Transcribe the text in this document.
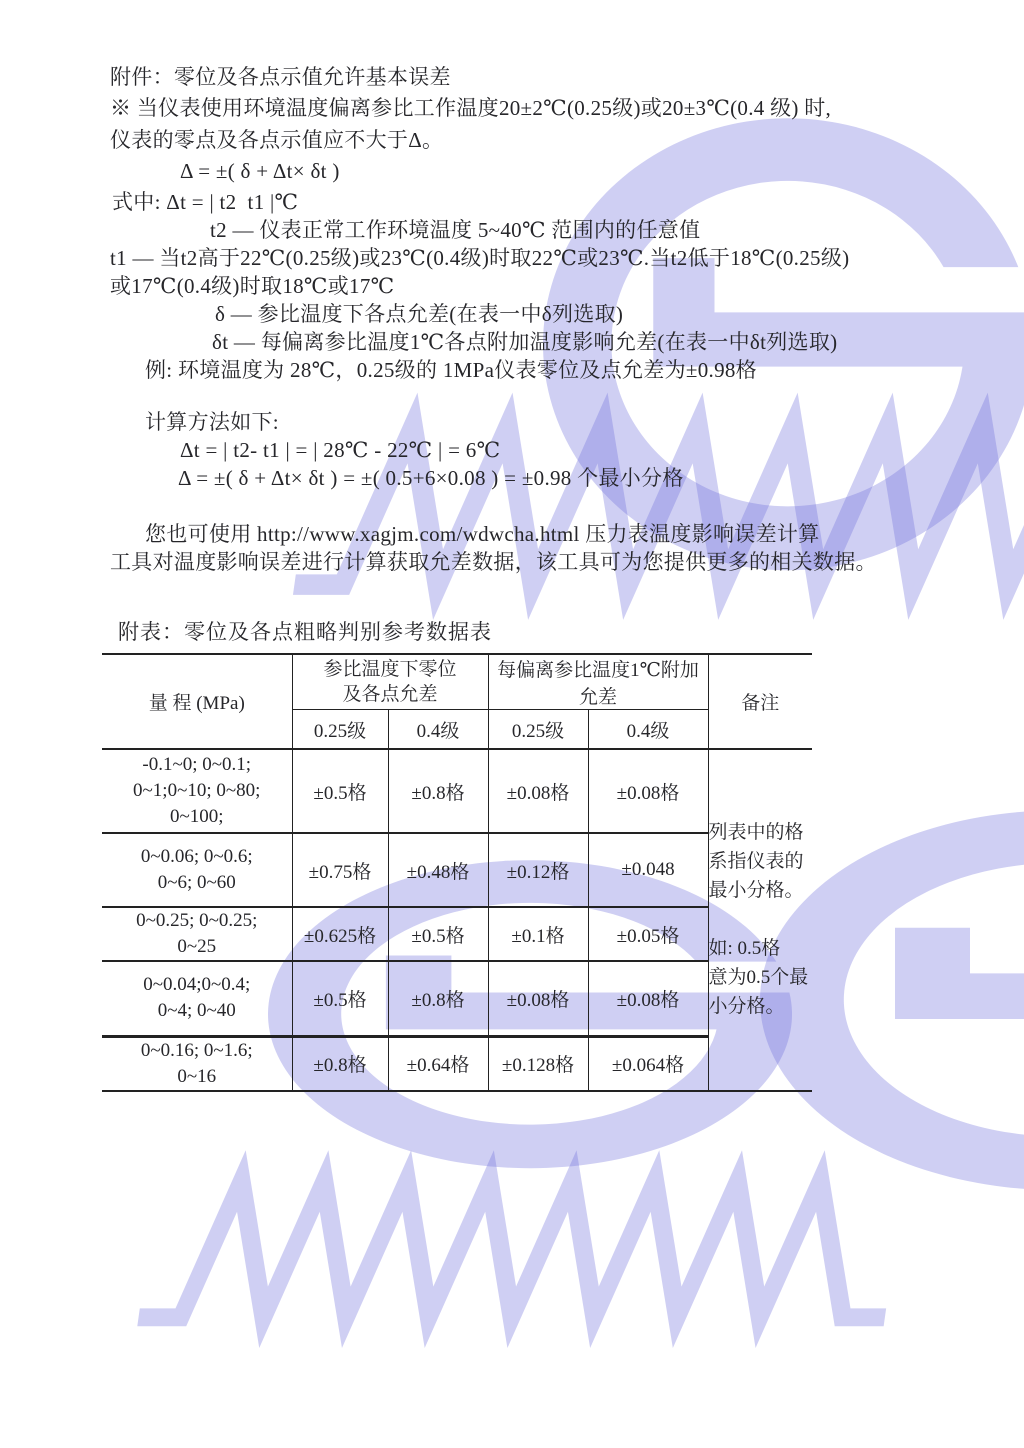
附件：零位及各点示值允许基本误差
※ 当仪表使用环境温度偏离参比工作温度20±2℃(0.25级)或20±3℃(0.4 级) 时,
仪表的零点及各点示值应不大于Δ。
Δ = ±( δ + Δt× δt )
式中: Δt = | t2  t1 |℃
t2 — 仪表正常工作环境温度 5~40℃ 范围内的任意值
t1 — 当t2高于22℃(0.25级)或23℃(0.4级)时取22℃或23℃.当t2低于18℃(0.25级)
或17℃(0.4级)时取18℃或17℃
δ — 参比温度下各点允差(在表一中δ列选取)
δt — 每偏离参比温度1℃各点附加温度影响允差(在表一中δt列选取)
例: 环境温度为 28℃，0.25级的 1MPa仪表零位及点允差为±0.98格
计算方法如下:
Δt = | t2- t1 | = | 28℃ - 22℃ | = 6℃
Δ = ±( δ + Δt× δt ) = ±( 0.5+6×0.08 ) = ±0.98 个最小分格
您也可使用 http://www.xagjm.com/wdwcha.html 压力表温度影响误差计算
工具对温度影响误差进行计算获取允差数据，该工具可为您提供更多的相关数据。
附表：零位及各点粗略判别参考数据表
量 程 (MPa)	参比温度下零位
及各点允差		每偏离参比温度1℃附加允差		备注
	0.25级	0.4级	0.25级	0.4级	

-0.1~0; 0~0.1;
0~1;0~10; 0~80;
0~100;
	±0.5格	±0.8格	±0.08格	±0.08格	
列表中的格
系指仪表的
最小分格。
如: 0.5格
意为0.5个最
小分格。

0~0.06; 0~0.6;
0~6; 0~60	±0.75格	±0.48格	±0.12格	±0.048	

0~0.25; 0~0.25;
0~25	±0.625格	±0.5格	±0.1格	±0.05格	

0~0.04;0~0.4;
0~4; 0~40	±0.5格	±0.8格	±0.08格	±0.08格	

0~0.16; 0~1.6;
0~16	±0.8格	±0.64格	±0.128格	±0.064格	
